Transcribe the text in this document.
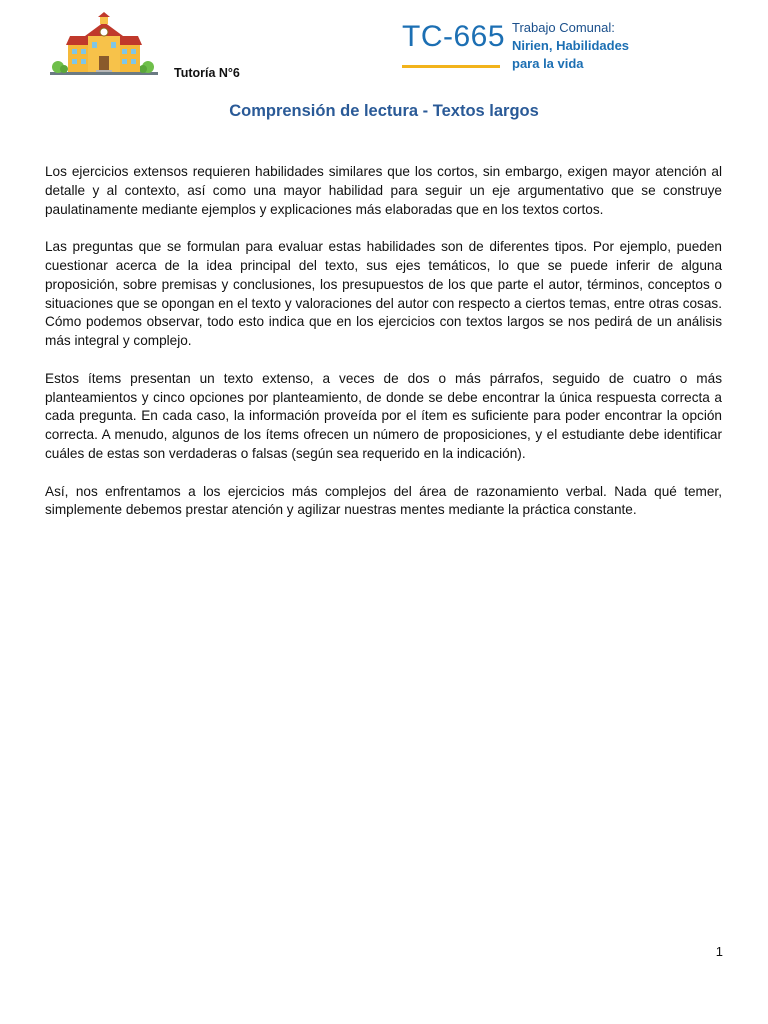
Tutoría N°6
TC-665 Trabajo Comunal:
Nirien, Habilidades
para la vida
Comprensión de lectura - Textos largos

Los ejercicios extensos requieren habilidades similares que los cortos, sin embargo, exigen mayor atención al detalle y al contexto, así como una mayor habilidad para seguir un eje argumentativo que se construye paulatinamente mediante ejemplos y explicaciones más elaboradas que en los textos cortos.

Las preguntas que se formulan para evaluar estas habilidades son de diferentes tipos. Por ejemplo, pueden cuestionar acerca de la idea principal del texto, sus ejes temáticos, lo que se puede inferir de alguna proposición, sobre premisas y conclusiones, los presupuestos de los que parte el autor, términos, conceptos o situaciones que se opongan en el texto y valoraciones del autor con respecto a ciertos temas, entre otras cosas. Cómo podemos observar, todo esto indica que en los ejercicios con textos largos se nos pedirá de un análisis más integral y complejo.

Estos ítems presentan un texto extenso, a veces de dos o más párrafos, seguido de cuatro o más planteamientos y cinco opciones por planteamiento, de donde se debe encontrar la única respuesta correcta a cada pregunta. En cada caso, la información proveída por el ítem es suficiente para poder encontrar la opción correcta. A menudo, algunos de los ítems ofrecen un número de proposiciones, y el estudiante debe identificar cuáles de estas son verdaderas o falsas (según sea requerido en la indicación).

Así, nos enfrentamos a los ejercicios más complejos del área de razonamiento verbal. Nada qué temer, simplemente debemos prestar atención y agilizar nuestras mentes mediante la práctica constante.

1
